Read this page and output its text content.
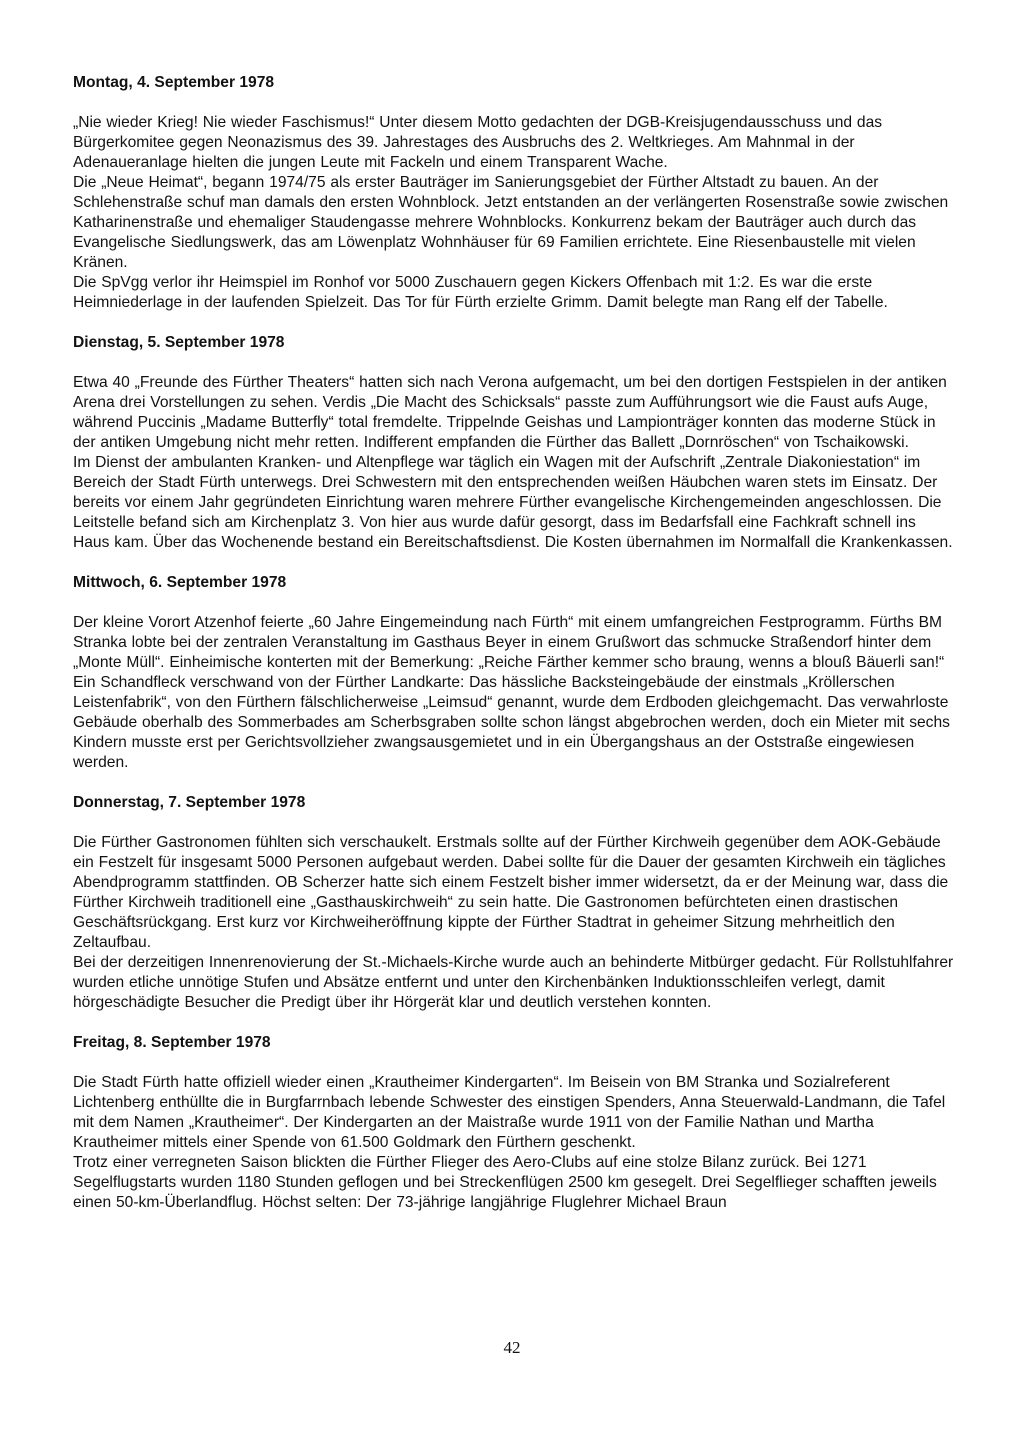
Montag, 4. September 1978

„Nie wieder Krieg! Nie wieder Faschismus!“ Unter diesem Motto gedachten der DGB-Kreisjugendausschuss und das Bürgerkomitee gegen Neonazismus des 39. Jahrestages des Ausbruchs des 2. Weltkrieges. Am Mahnmal in der Adenaueranlage hielten die jungen Leute mit Fackeln und einem Transparent Wache.

Die „Neue Heimat“, begann 1974/75 als erster Bauträger im Sanierungsgebiet der Fürther Altstadt zu bauen. An der Schlehenstraße schuf man damals den ersten Wohnblock. Jetzt entstanden an der verlängerten Rosenstraße sowie zwischen Katharinenstraße und ehemaliger Staudengasse mehrere Wohnblocks. Konkurrenz bekam der Bauträger auch durch das Evangelische Siedlungswerk, das am Löwenplatz Wohnhäuser für 69 Familien errichtete. Eine Riesenbaustelle mit vielen Kränen.

Die SpVgg verlor ihr Heimspiel im Ronhof vor 5000 Zuschauern gegen Kickers Offenbach mit 1:2. Es war die erste Heimniederlage in der laufenden Spielzeit. Das Tor für Fürth erzielte Grimm. Damit belegte man Rang elf der Tabelle.

Dienstag, 5. September 1978

Etwa 40 „Freunde des Fürther Theaters“ hatten sich nach Verona aufgemacht, um bei den dortigen Festspielen in der antiken Arena drei Vorstellungen zu sehen. Verdis „Die Macht des Schicksals“ passte zum Aufführungsort wie die Faust aufs Auge, während Puccinis „Madame Butterfly“ total fremdelte. Trippelnde Geishas und Lampionträger konnten das moderne Stück in der antiken Umgebung nicht mehr retten. Indifferent empfanden die Fürther das Ballett „Dornröschen“ von Tschaikowski.

Im Dienst der ambulanten Kranken- und Altenpflege war täglich ein Wagen mit der Aufschrift „Zentrale Diakoniestation“ im Bereich der Stadt Fürth unterwegs. Drei Schwestern mit den entsprechenden weißen Häubchen waren stets im Einsatz. Der bereits vor einem Jahr gegründeten Einrichtung waren mehrere Fürther evangelische Kirchengemeinden angeschlossen. Die Leitstelle befand sich am Kirchenplatz 3. Von hier aus wurde dafür gesorgt, dass im Bedarfsfall eine Fachkraft schnell ins Haus kam. Über das Wochenende bestand ein Bereitschaftsdienst. Die Kosten übernahmen im Normalfall die Krankenkassen.

Mittwoch, 6. September 1978

Der kleine Vorort Atzenhof feierte „60 Jahre Eingemeindung nach Fürth“ mit einem umfangreichen Festprogramm. Fürths BM Stranka lobte bei der zentralen Veranstaltung im Gasthaus Beyer in einem Grußwort das schmucke Straßendorf hinter dem „Monte Müll“. Einheimische konterten mit der Bemerkung: „Reiche Färther kemmer scho braung, wenns a blouß Bäuerli san!“

Ein Schandfleck verschwand von der Fürther Landkarte: Das hässliche Backsteingebäude der einstmals „Kröllerschen Leistenfabrik“, von den Fürthern fälschlicherweise „Leimsud“ genannt, wurde dem Erdboden gleichgemacht. Das verwahrloste Gebäude oberhalb des Sommerbades am Scherbsgraben sollte schon längst abgebrochen werden, doch ein Mieter mit sechs Kindern musste erst per Gerichtsvollzieher zwangsausgemietet und in ein Übergangshaus an der Oststraße eingewiesen werden.

Donnerstag, 7. September 1978

Die Fürther Gastronomen fühlten sich verschaukelt. Erstmals sollte auf der Fürther Kirchweih gegenüber dem AOK-Gebäude ein Festzelt für insgesamt 5000 Personen aufgebaut werden. Dabei sollte für die Dauer der gesamten Kirchweih ein tägliches Abendprogramm stattfinden. OB Scherzer hatte sich einem Festzelt bisher immer widersetzt, da er der Meinung war, dass die Fürther Kirchweih traditionell eine „Gasthauskirchweih“ zu sein hatte. Die Gastronomen befürchteten einen drastischen Geschäftsrückgang. Erst kurz vor Kirchweiheröffnung kippte der Fürther Stadtrat in geheimer Sitzung mehrheitlich den Zeltaufbau.

Bei der derzeitigen Innenrenovierung der St.-Michaels-Kirche wurde auch an behinderte Mitbürger gedacht. Für Rollstuhlfahrer wurden etliche unnötige Stufen und Absätze entfernt und unter den Kirchenbänken Induktionsschleifen verlegt, damit hörgeschädigte Besucher die Predigt über ihr Hörgerät klar und deutlich verstehen konnten.

Freitag, 8. September 1978

Die Stadt Fürth hatte offiziell wieder einen „Krautheimer Kindergarten“. Im Beisein von BM Stranka und Sozialreferent Lichtenberg enthüllte die in Burgfarrnbach lebende Schwester des einstigen Spenders, Anna Steuerwald-Landmann, die Tafel mit dem Namen „Krautheimer“. Der Kindergarten an der Maistraße wurde 1911 von der Familie Nathan und Martha Krautheimer mittels einer Spende von 61.500 Goldmark den Fürthern geschenkt.

Trotz einer verregneten Saison blickten die Fürther Flieger des Aero-Clubs auf eine stolze Bilanz zurück. Bei 1271 Segelflugstarts wurden 1180 Stunden geflogen und bei Streckenflügen 2500 km gesegelt. Drei Segelflieger schafften jeweils einen 50-km-Überlandflug. Höchst selten: Der 73-jährige langjährige Fluglehrer Michael Braun

42
